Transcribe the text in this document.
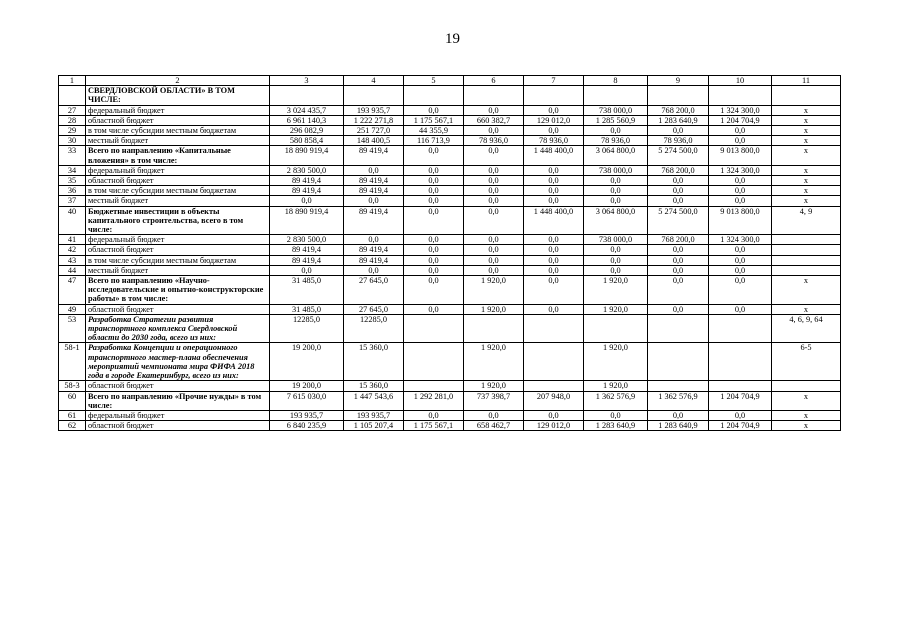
19
1	2	3	4	5	6	7	8	9	10	11
	СВЕРДЛОВСКОЙ ОБЛАСТИ» В ТОМ ЧИСЛЕ:									
27	федеральный бюджет	3 024 435,7	193 935,7	0,0	0,0	0,0	738 000,0	768 200,0	1 324 300,0	x
28	областной бюджет	6 961 140,3	1 222 271,8	1 175 567,1	660 382,7	129 012,0	1 285 560,9	1 283 640,9	1 204 704,9	x
29	в том числе субсидии местным бюджетам	296 082,9	251 727,0	44 355,9	0,0	0,0	0,0	0,0	0,0	x
30	местный бюджет	580 858,4	148 400,5	116 713,9	78 936,0	78 936,0	78 936,0	78 936,0	0,0	x
33	Всего по направлению «Капитальные вложения» в том числе:	18 890 919,4	89 419,4	0,0	0,0	1 448 400,0	3 064 800,0	5 274 500,0	9 013 800,0	x
34	федеральный бюджет	2 830 500,0	0,0	0,0	0,0	0,0	738 000,0	768 200,0	1 324 300,0	x
35	областной бюджет	89 419,4	89 419,4	0,0	0,0	0,0	0,0	0,0	0,0	x
36	в том числе субсидии местным бюджетам	89 419,4	89 419,4	0,0	0,0	0,0	0,0	0,0	0,0	x
37	местный бюджет	0,0	0,0	0,0	0,0	0,0	0,0	0,0	0,0	x
40	Бюджетные инвестиции в объекты капитального строительства, всего в том числе:	18 890 919,4	89 419,4	0,0	0,0	1 448 400,0	3 064 800,0	5 274 500,0	9 013 800,0	4, 9
41	федеральный бюджет	2 830 500,0	0,0	0,0	0,0	0,0	738 000,0	768 200,0	1 324 300,0	
42	областной бюджет	89 419,4	89 419,4	0,0	0,0	0,0	0,0	0,0	0,0	
43	в том числе субсидии местным бюджетам	89 419,4	89 419,4	0,0	0,0	0,0	0,0	0,0	0,0	
44	местный бюджет	0,0	0,0	0,0	0,0	0,0	0,0	0,0	0,0	
47	Всего по направлению «Научно-исследовательские и опытно-конструкторские работы» в том числе:	31 485,0	27 645,0	0,0	1 920,0	0,0	1 920,0	0,0	0,0	x
49	областной бюджет	31 485,0	27 645,0	0,0	1 920,0	0,0	1 920,0	0,0	0,0	x
53	Разработка Стратегии развития транспортного комплекса Свердловской области до 2030 года, всего из них:	12285,0	12285,0							4, 6, 9, 64
58-1	Разработка Концепции и операционного транспортного мастер-плана обеспечения мероприятий чемпионата мира ФИФА 2018 года в городе Екатеринбург, всего из них:	19 200,0	15 360,0		1 920,0		1 920,0			6-5
58-3	областной бюджет	19 200,0	15 360,0		1 920,0		1 920,0			
60	Всего по направлению «Прочие нужды» в том числе:	7 615 030,0	1 447 543,6	1 292 281,0	737 398,7	207 948,0	1 362 576,9	1 362 576,9	1 204 704,9	x
61	федеральный бюджет	193 935,7	193 935,7	0,0	0,0	0,0	0,0	0,0	0,0	x
62	областной бюджет	6 840 235,9	1 105 207,4	1 175 567,1	658 462,7	129 012,0	1 283 640,9	1 283 640,9	1 204 704,9	x
